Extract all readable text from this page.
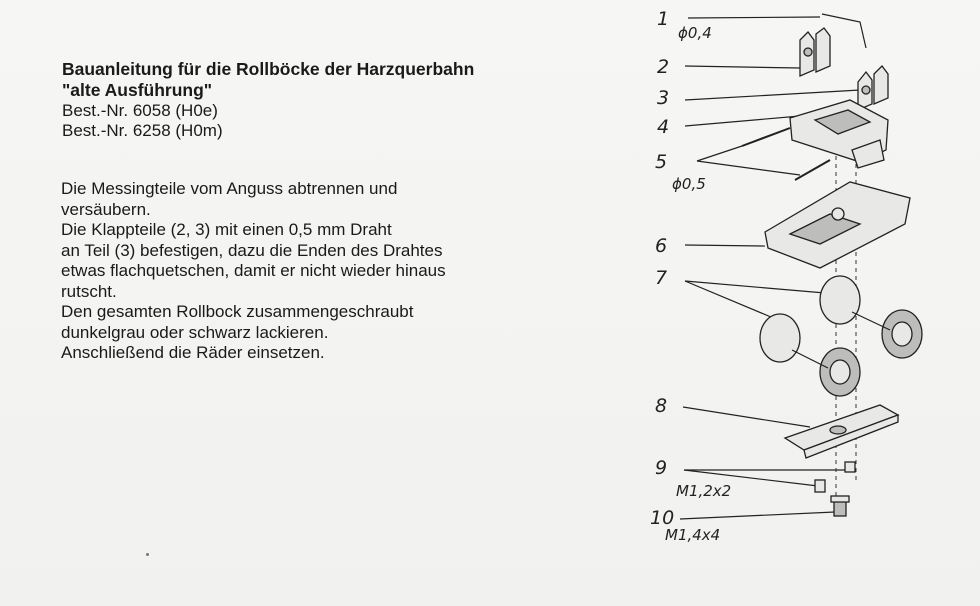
Bauanleitung für die Rollböcke der Harzquerbahn

"alte Ausführung"

Best.-Nr. 6058 (H0e)

Best.-Nr. 6258 (H0m)

Die Messingteile vom Anguss abtrennen und

versäubern.

Die Klappteile (2, 3) mit einen 0,5 mm Draht

an Teil (3) befestigen, dazu die Enden des Drahtes

etwas flachquetschen, damit er nicht wieder hinaus

rutscht.

Den gesamten Rollbock zusammengeschraubt

dunkelgrau oder schwarz lackieren.

Anschließend die Räder einsetzen.

1
ϕ0,4
2
3
4
5
ϕ0,5
6
7
8
9
M1,2x2
10
M1,4x4
